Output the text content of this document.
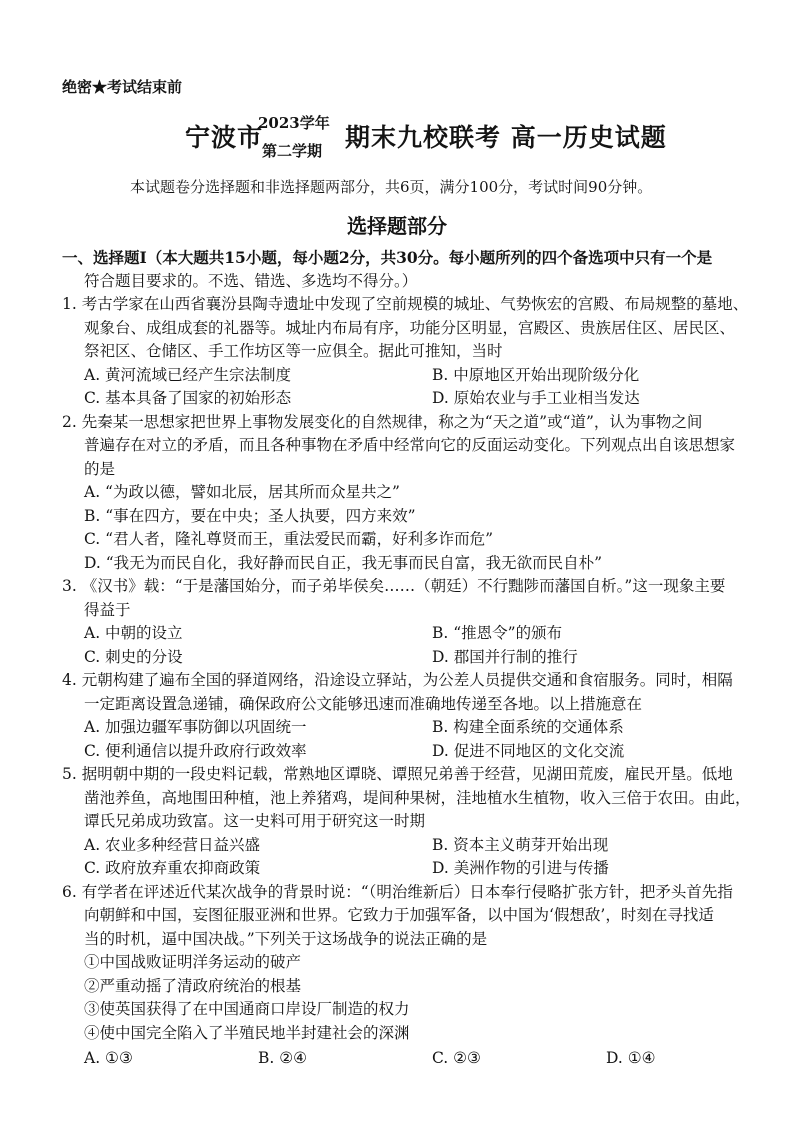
绝密★考试结束前
宁波市
2023学年
第二学期 期末九校联考 高一历史试题
本试题卷分选择题和非选择题两部分，共6页，满分100分，考试时间90分钟。
选择题部分
一、选择题Ⅰ（本大题共15小题，每小题2分，共30分。每小题所列的四个备选项中只有一个是
符合题目要求的。不选、错选、多选均不得分。）
1. 考古学家在山西省襄汾县陶寺遗址中发现了空前规模的城址、气势恢宏的宫殿、布局规整的墓地、
观象台、成组成套的礼器等。城址内布局有序，功能分区明显，宫殿区、贵族居住区、居民区、
祭祀区、仓储区、手工作坊区等一应俱全。据此可推知，当时
A. 黄河流域已经产生宗法制度	B. 中原地区开始出现阶级分化
C. 基本具备了国家的初始形态	D. 原始农业与手工业相当发达
2. 先秦某一思想家把世界上事物发展变化的自然规律，称之为“天之道”或“道”，认为事物之间
普遍存在对立的矛盾，而且各种事物在矛盾中经常向它的反面运动变化。下列观点出自该思想家
的是
A. “为政以德，譬如北辰，居其所而众星共之”
B. “事在四方，要在中央；圣人执要，四方来效”
C. “君人者，隆礼尊贤而王，重法爱民而霸，好利多诈而危”
D. “我无为而民自化，我好静而民自正，我无事而民自富，我无欲而民自朴”
3. 《汉书》载：“于是藩国始分，而子弟毕侯矣……（朝廷）不行黜陟而藩国自析。”这一现象主要
得益于
A. 中朝的设立	B. “推恩令”的颁布
C. 刺史的分设	D. 郡国并行制的推行
4. 元朝构建了遍布全国的驿道网络，沿途设立驿站，为公差人员提供交通和食宿服务。同时，相隔
一定距离设置急递铺，确保政府公文能够迅速而准确地传递至各地。以上措施意在
A. 加强边疆军事防御以巩固统一	B. 构建全面系统的交通体系
C. 便利通信以提升政府行政效率	D. 促进不同地区的文化交流
5. 据明朝中期的一段史料记载，常熟地区谭晓、谭照兄弟善于经营，见湖田荒废，雇民开垦。低地
凿池养鱼，高地围田种植，池上养猪鸡，堤间种果树，洼地植水生植物，收入三倍于农田。由此，
谭氏兄弟成功致富。这一史料可用于研究这一时期
A. 农业多种经营日益兴盛	B. 资本主义萌芽开始出现
C. 政府放弃重农抑商政策	D. 美洲作物的引进与传播
6. 有学者在评述近代某次战争的背景时说：“（明治维新后）日本奉行侵略扩张方针，把矛头首先指
向朝鲜和中国，妄图征服亚洲和世界。它致力于加强军备，以中国为‘假想敌’，时刻在寻找适
当的时机，逼中国决战。”下列关于这场战争的说法正确的是
①中国战败证明洋务运动的破产
②严重动摇了清政府统治的根基
③使英国获得了在中国通商口岸设厂制造的权力
④使中国完全陷入了半殖民地半封建社会的深渊
A. ①③	B. ②④	C. ②③	D. ①④
